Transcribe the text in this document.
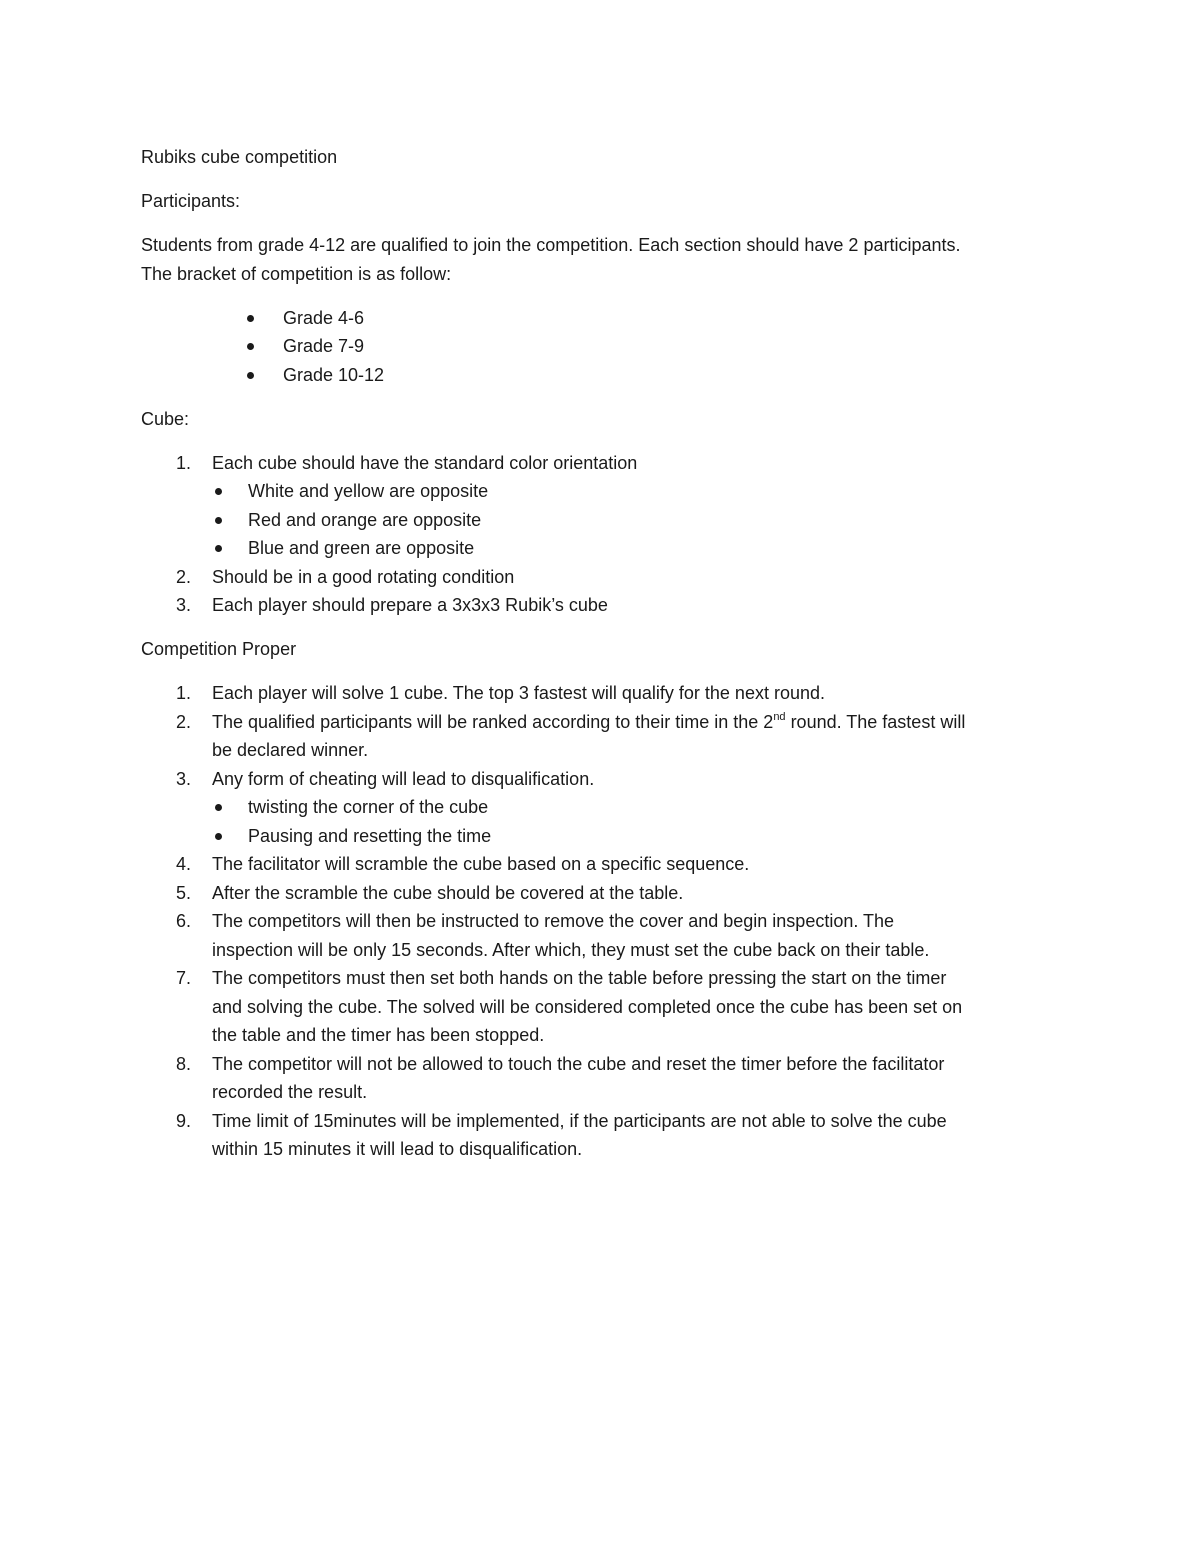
Rubiks cube competition

Participants:

Students from grade 4-12 are qualified to join the competition. Each section should have 2 participants.
The bracket of competition is as follow:

Grade 4-6
Grade 7-9
Grade 10-12

Cube:

1. Each cube should have the standard color orientation
White and yellow are opposite
Red and orange are opposite
Blue and green are opposite
2. Should be in a good rotating condition
3. Each player should prepare a 3x3x3 Rubik’s cube

Competition Proper

1. Each player will solve 1 cube. The top 3 fastest will qualify for the next round.
2. The qualified participants will be ranked according to their time in the 2nd round. The fastest will
be declared winner.
3. Any form of cheating will lead to disqualification.
twisting the corner of the cube
Pausing and resetting the time
4. The facilitator will scramble the cube based on a specific sequence.
5. After the scramble the cube should be covered at the table.
6. The competitors will then be instructed to remove the cover and begin inspection. The
inspection will be only 15 seconds. After which, they must set the cube back on their table.
7. The competitors must then set both hands on the table before pressing the start on the timer
and solving the cube. The solved will be considered completed once the cube has been set on
the table and the timer has been stopped.
8. The competitor will not be allowed to touch the cube and reset the timer before the facilitator
recorded the result.
9. Time limit of 15minutes will be implemented, if the participants are not able to solve the cube
within 15 minutes it will lead to disqualification.
